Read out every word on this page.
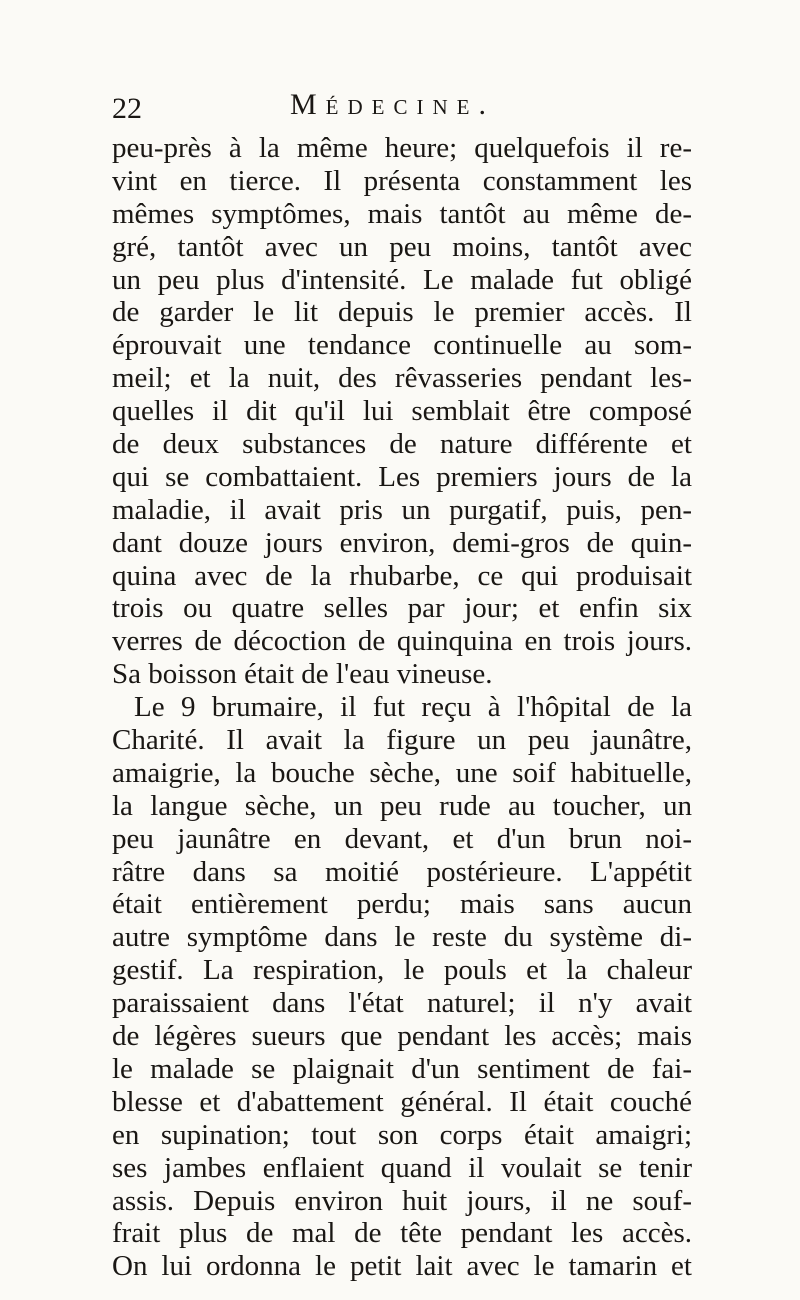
22	Médecine.
peu-près à la même heure; quelquefois il re-
vint en tierce. Il présenta constamment les
mêmes symptômes, mais tantôt au même de-
gré, tantôt avec un peu moins, tantôt avec
un peu plus d'intensité. Le malade fut obligé
de garder le lit depuis le premier accès. Il
éprouvait une tendance continuelle au som-
meil; et la nuit, des rêvasseries pendant les-
quelles il dit qu'il lui semblait être composé
de deux substances de nature différente et
qui se combattaient. Les premiers jours de la
maladie, il avait pris un purgatif, puis, pen-
dant douze jours environ, demi-gros de quin-
quina avec de la rhubarbe, ce qui produisait
trois ou quatre selles par jour; et enfin six
verres de décoction de quinquina en trois jours.
Sa boisson était de l'eau vineuse.
Le 9 brumaire, il fut reçu à l'hôpital de la
Charité. Il avait la figure un peu jaunâtre,
amaigrie, la bouche sèche, une soif habituelle,
la langue sèche, un peu rude au toucher, un
peu jaunâtre en devant, et d'un brun noi-
râtre dans sa moitié postérieure. L'appétit
était entièrement perdu; mais sans aucun
autre symptôme dans le reste du système di-
gestif. La respiration, le pouls et la chaleur
paraissaient dans l'état naturel; il n'y avait
de légères sueurs que pendant les accès; mais
le malade se plaignait d'un sentiment de fai-
blesse et d'abattement général. Il était couché
en supination; tout son corps était amaigri;
ses jambes enflaient quand il voulait se tenir
assis. Depuis environ huit jours, il ne souf-
frait plus de mal de tête pendant les accès.
On lui ordonna le petit lait avec le tamarin et
